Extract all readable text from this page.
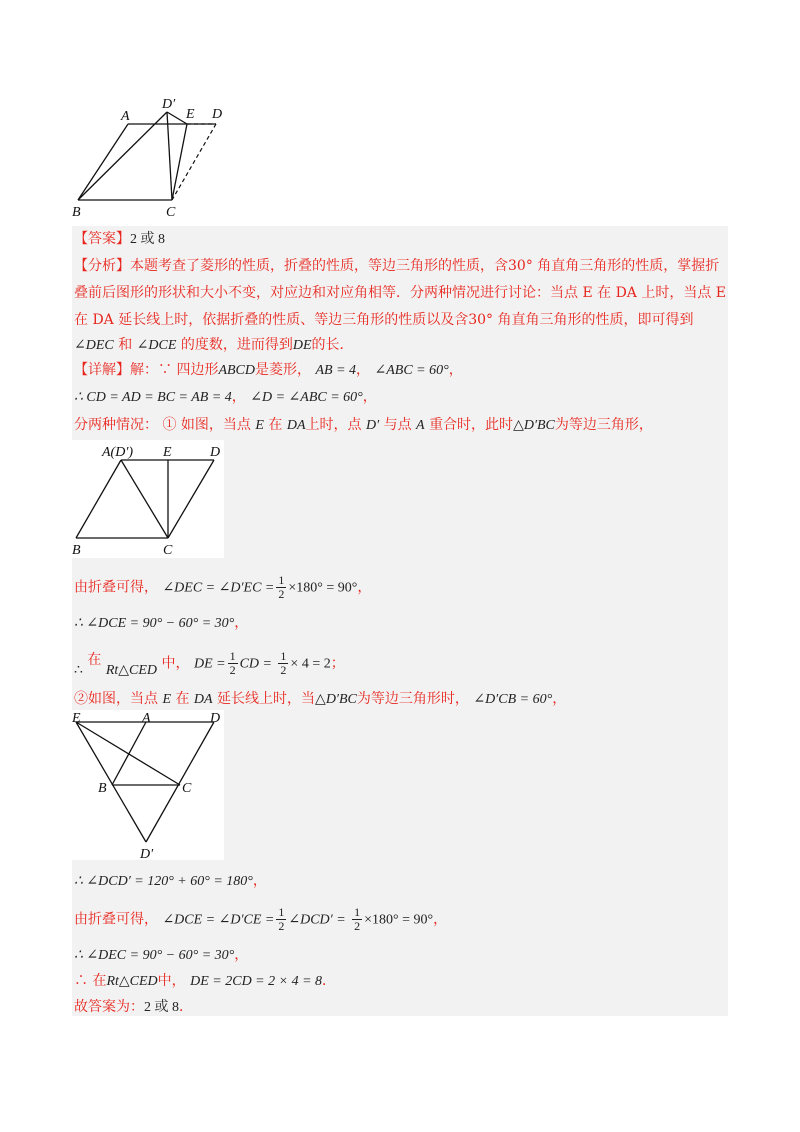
A
D′
E D
B	C
【答案】2 或 8
【分析】本题考查了菱形的性质，折叠的性质，等边三角形的性质，含30° 角直角三角形的性质，掌握折
叠前后图形的形状和大小不变，对应边和对应角相等．分两种情况进行讨论：当点 E 在 DA 上时，当点 E
在 DA 延长线上时，依据折叠的性质、等边三角形的性质以及含30° 角直角三角形的性质，即可得到
∠DEC 和 ∠DCE 的度数，进而得到DE的长．
【详解】解：∵ 四边形ABCD是菱形， AB = 4， ∠ABC = 60°，
∴ CD = AD = BC = AB = 4， ∠D = ∠ABC = 60°，
分两种情况： ① 如图，当点 E 在 DA上时，点 D′ 与点 A 重合时，此时△D′BC为等边三角形，
A(D′) E	D
B	C
由折叠可得， ∠DEC = ∠D′EC = $\frac{1}{2} \times 180^\circ = 90^\circ$，
∴ ∠DCE = 90° − 60° = 30°，
∴ 在 Rt△CED 中， DE = $\frac{1}{2}$ CD = $\frac{1}{2} \times 4 = 2$；
②如图，当点 E 在 DA 延长线上时，当△D′BC为等边三角形时， ∠D′CB = 60°，
E	A	D
B	C
D′
∴ ∠DCD′ = 120° + 60° = 180°，
由折叠可得， ∠DCE = ∠D′CE = $\frac{1}{2}$ ∠DCD′ = $\frac{1}{2} \times 180^\circ = 90^\circ$，
∴ ∠DEC = 90° − 60° = 30°，
∴ 在Rt△CED中， DE = 2CD = 2 × 4 = 8．
故答案为：2 或 8．
